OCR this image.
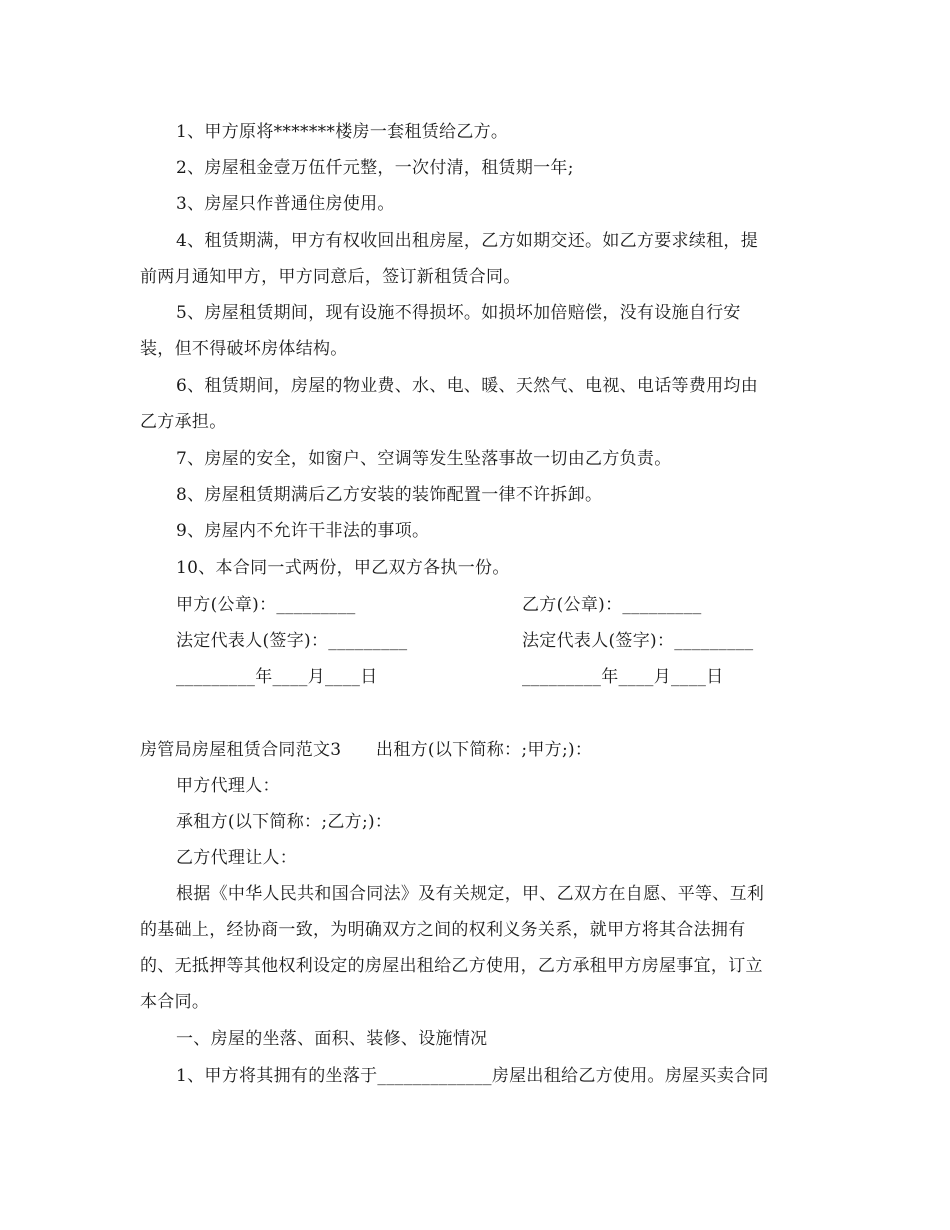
1、甲方原将*******楼房一套租赁给乙方。
2、房屋租金壹万伍仟元整，一次付清，租赁期一年;
3、房屋只作普通住房使用。
4、租赁期满，甲方有权收回出租房屋，乙方如期交还。如乙方要求续租，提
前两月通知甲方，甲方同意后，签订新租赁合同。
5、房屋租赁期间，现有设施不得损坏。如损坏加倍赔偿，没有设施自行安
装，但不得破坏房体结构。
6、租赁期间，房屋的物业费、水、电、暖、天然气、电视、电话等费用均由
乙方承担。
7、房屋的安全，如窗户、空调等发生坠落事故一切由乙方负责。
8、房屋租赁期满后乙方安装的装饰配置一律不许拆卸。
9、房屋内不允许干非法的事项。
10、本合同一式两份，甲乙双方各执一份。
甲方(公章)：_________	乙方(公章)：_________
法定代表人(签字)：_________	法定代表人(签字)：_________
_________年____月____日	_________年____月____日
房管局房屋租赁合同范文3　　出租方(以下简称：;甲方;)：
甲方代理人：
承租方(以下简称：;乙方;)：
乙方代理让人：
根据《中华人民共和国合同法》及有关规定，甲、乙双方在自愿、平等、互利
的基础上，经协商一致，为明确双方之间的权利义务关系，就甲方将其合法拥有
的、无抵押等其他权利设定的房屋出租给乙方使用，乙方承租甲方房屋事宜，订立
本合同。
一、房屋的坐落、面积、装修、设施情况
1、甲方将其拥有的坐落于_____________房屋出租给乙方使用。房屋买卖合同
